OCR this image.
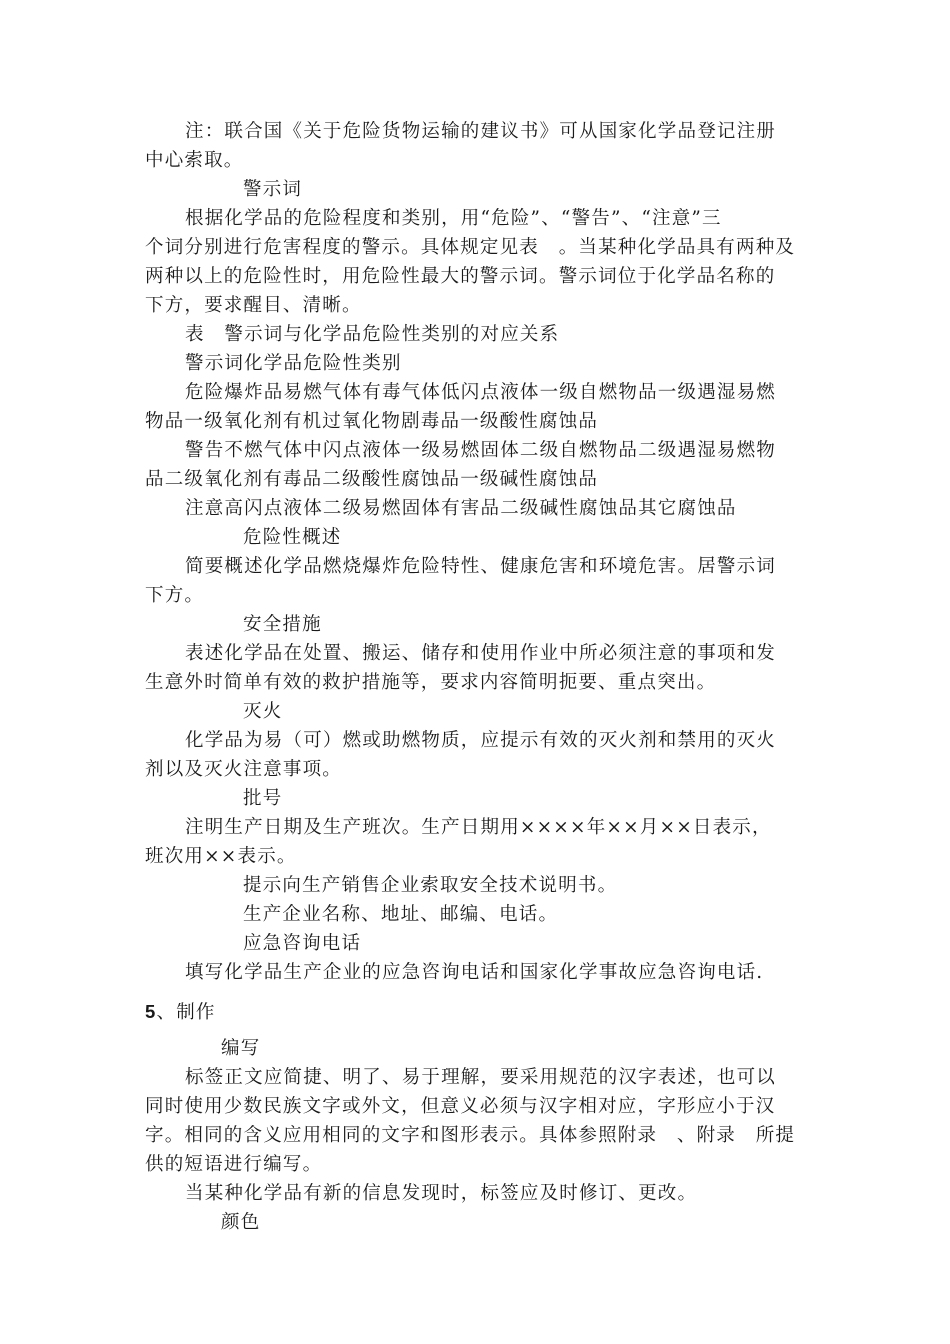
注：联合国《关于危险货物运输的建议书》可从国家化学品登记注册
中心索取。
警示词
根据化学品的危险程度和类别，用“危险”、“警告”、“注意”三
个词分别进行危害程度的警示。具体规定见表　。当某种化学品具有两种及
两种以上的危险性时，用危险性最大的警示词。警示词位于化学品名称的
下方，要求醒目、清晰。
表　警示词与化学品危险性类别的对应关系
警示词化学品危险性类别
危险爆炸品易燃气体有毒气体低闪点液体一级自燃物品一级遇湿易燃
物品一级氧化剂有机过氧化物剧毒品一级酸性腐蚀品
警告不燃气体中闪点液体一级易燃固体二级自燃物品二级遇湿易燃物
品二级氧化剂有毒品二级酸性腐蚀品一级碱性腐蚀品
注意高闪点液体二级易燃固体有害品二级碱性腐蚀品其它腐蚀品
危险性概述
简要概述化学品燃烧爆炸危险特性、健康危害和环境危害。居警示词
下方。
安全措施
表述化学品在处置、搬运、储存和使用作业中所必须注意的事项和发
生意外时简单有效的救护措施等，要求内容简明扼要、重点突出。
灭火
化学品为易（可）燃或助燃物质，应提示有效的灭火剂和禁用的灭火
剂以及灭火注意事项。
批号
注明生产日期及生产班次。生产日期用××××年××月××日表示，
班次用××表示。
提示向生产销售企业索取安全技术说明书。
生产企业名称、地址、邮编、电话。
应急咨询电话
填写化学品生产企业的应急咨询电话和国家化学事故应急咨询电话.
5、制作
编写
标签正文应简捷、明了、易于理解，要采用规范的汉字表述，也可以
同时使用少数民族文字或外文，但意义必须与汉字相对应，字形应小于汉
字。相同的含义应用相同的文字和图形表示。具体参照附录　、附录　所提
供的短语进行编写。
当某种化学品有新的信息发现时，标签应及时修订、更改。
颜色
